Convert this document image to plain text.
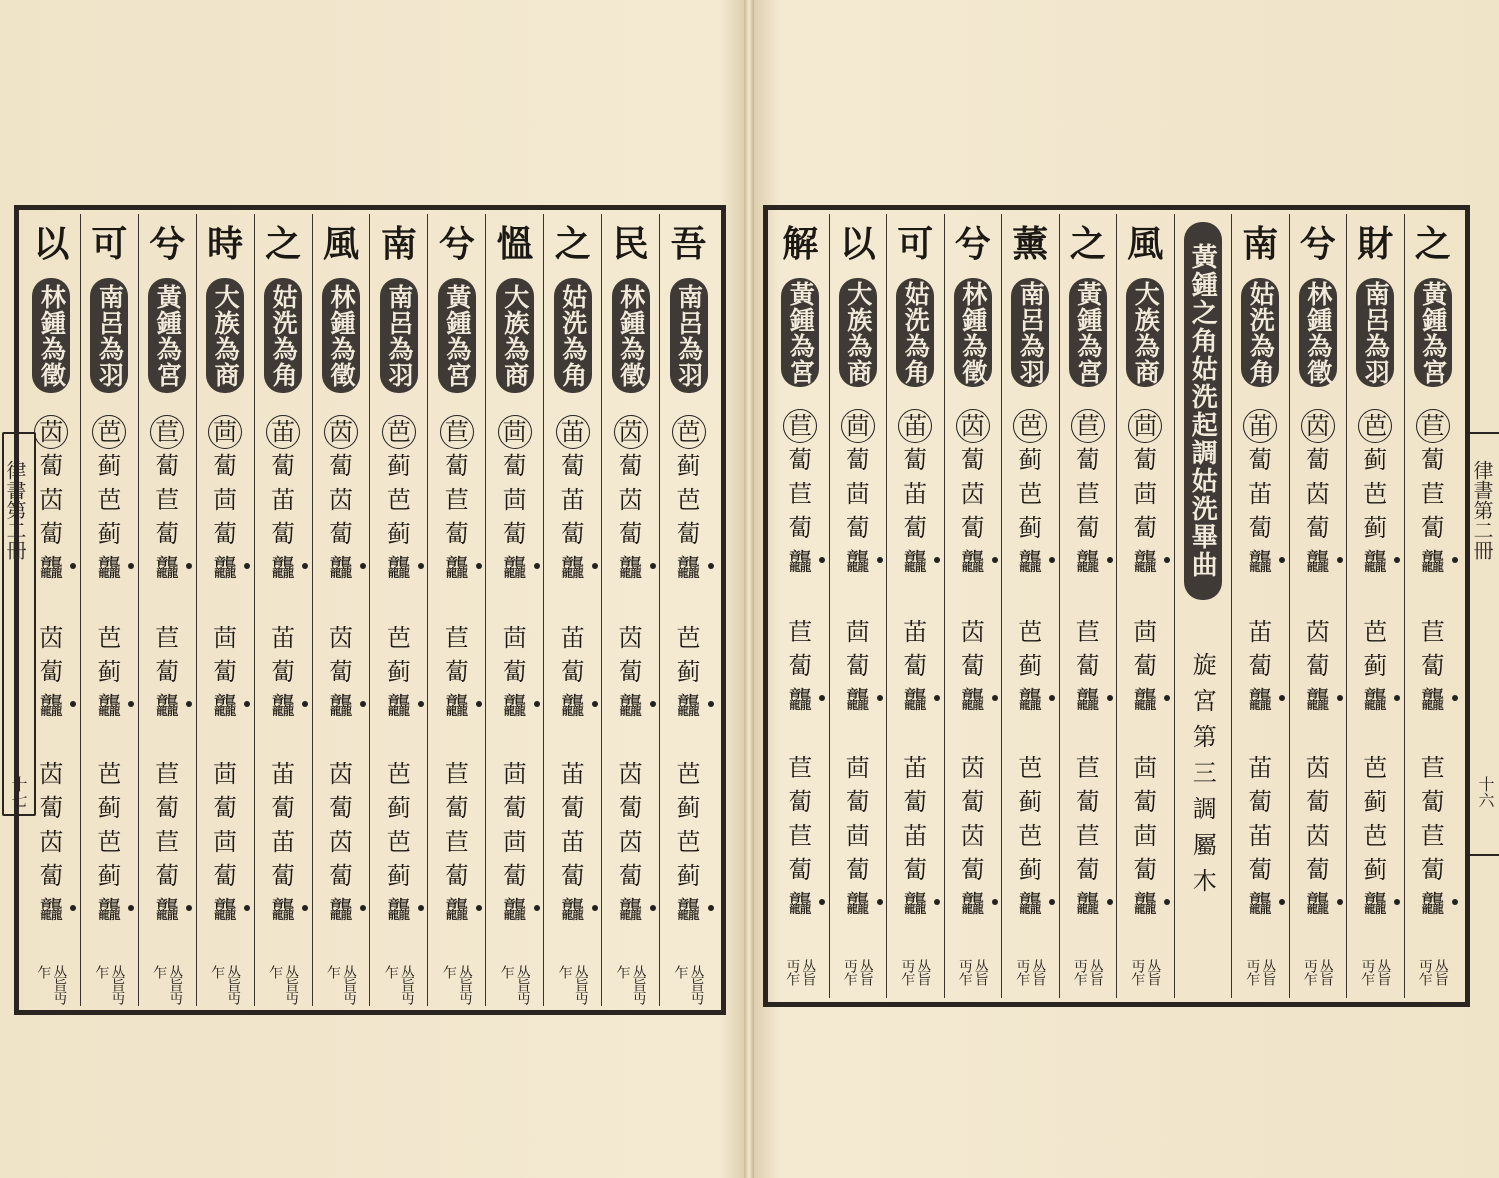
吾
南呂為羽
芭
蓟
芭
蔔
龘
芭
蓟
龘
芭
蓟
芭
蓟
龘
丛旨丏乍
民
林鍾為徵
苬
蔔
苬
蔔
龘
苬
蔔
龘
苬
蔔
苬
蔔
龘
丛旨丏乍
之
姑洗為角
苖
蔔
苖
蔔
龘
苖
蔔
龘
苖
蔔
苖
蔔
龘
丛旨丏乍
慍
大族為商
茴
蔔
茴
蔔
龘
茴
蔔
龘
茴
蔔
茴
蔔
龘
丛旨丏乍
兮
黃鍾為宮
苣
蔔
苣
蔔
龘
苣
蔔
龘
苣
蔔
苣
蔔
龘
丛旨丏乍
南
南呂為羽
芭
蓟
芭
蓟
龘
芭
蓟
龘
芭
蓟
芭
蓟
龘
丛旨丏乍
風
林鍾為徵
苬
蔔
苬
蔔
龘
苬
蔔
龘
苬
蔔
苬
蔔
龘
丛旨丏乍
之
姑洗為角
苖
蔔
苖
蔔
龘
苖
蔔
龘
苖
蔔
苖
蔔
龘
丛旨丏乍
時
大族為商
茴
蔔
茴
蔔
龘
茴
蔔
龘
茴
蔔
茴
蔔
龘
丛旨丏乍
兮
黃鍾為宮
苣
蔔
苣
蔔
龘
苣
蔔
龘
苣
蔔
苣
蔔
龘
丛旨丏乍
可
南呂為羽
芭
蓟
芭
蓟
龘
芭
蓟
龘
芭
蓟
芭
蓟
龘
丛旨丏乍
以
林鍾為徵
苬
蔔
苬
蔔
龘
苬
蔔
龘
苬
蔔
苬
蔔
龘
丛旨丏乍
律書第二冊
十七
之
黃鍾為宮
苣
蔔
苣
蔔
龘
苣
蔔
龘
苣
蔔
苣
蔔
龘
丛旨丏乍
財
南呂為羽
芭
蓟
芭
蓟
龘
芭
蓟
龘
芭
蓟
芭
蓟
龘
丛旨丏乍
兮
林鍾為徵
苬
蔔
苬
蔔
龘
苬
蔔
龘
苬
蔔
苬
蔔
龘
丛旨丏乍
南
姑洗為角
苖
蔔
苖
蔔
龘
苖
蔔
龘
苖
蔔
苖
蔔
龘
丛旨丏乍
黃鍾之角姑洗起調姑洗畢曲
旋宮第三調屬木
風
大族為商
茴
蔔
茴
蔔
龘
茴
蔔
龘
茴
蔔
茴
蔔
龘
丛旨丏乍
之
黃鍾為宮
苣
蔔
苣
蔔
龘
苣
蔔
龘
苣
蔔
苣
蔔
龘
丛旨丏乍
薰
南呂為羽
芭
蓟
芭
蓟
龘
芭
蓟
龘
芭
蓟
芭
蓟
龘
丛旨丏乍
兮
林鍾為徵
苬
蔔
苬
蔔
龘
苬
蔔
龘
苬
蔔
苬
蔔
龘
丛旨丏乍
可
姑洗為角
苖
蔔
苖
蔔
龘
苖
蔔
龘
苖
蔔
苖
蔔
龘
丛旨丏乍
以
大族為商
茴
蔔
茴
蔔
龘
茴
蔔
龘
茴
蔔
茴
蔔
龘
丛旨丏乍
解
黃鍾為宮
苣
蔔
苣
蔔
龘
苣
蔔
龘
苣
蔔
苣
蔔
龘
丛旨丏乍
律書第二冊
十六
